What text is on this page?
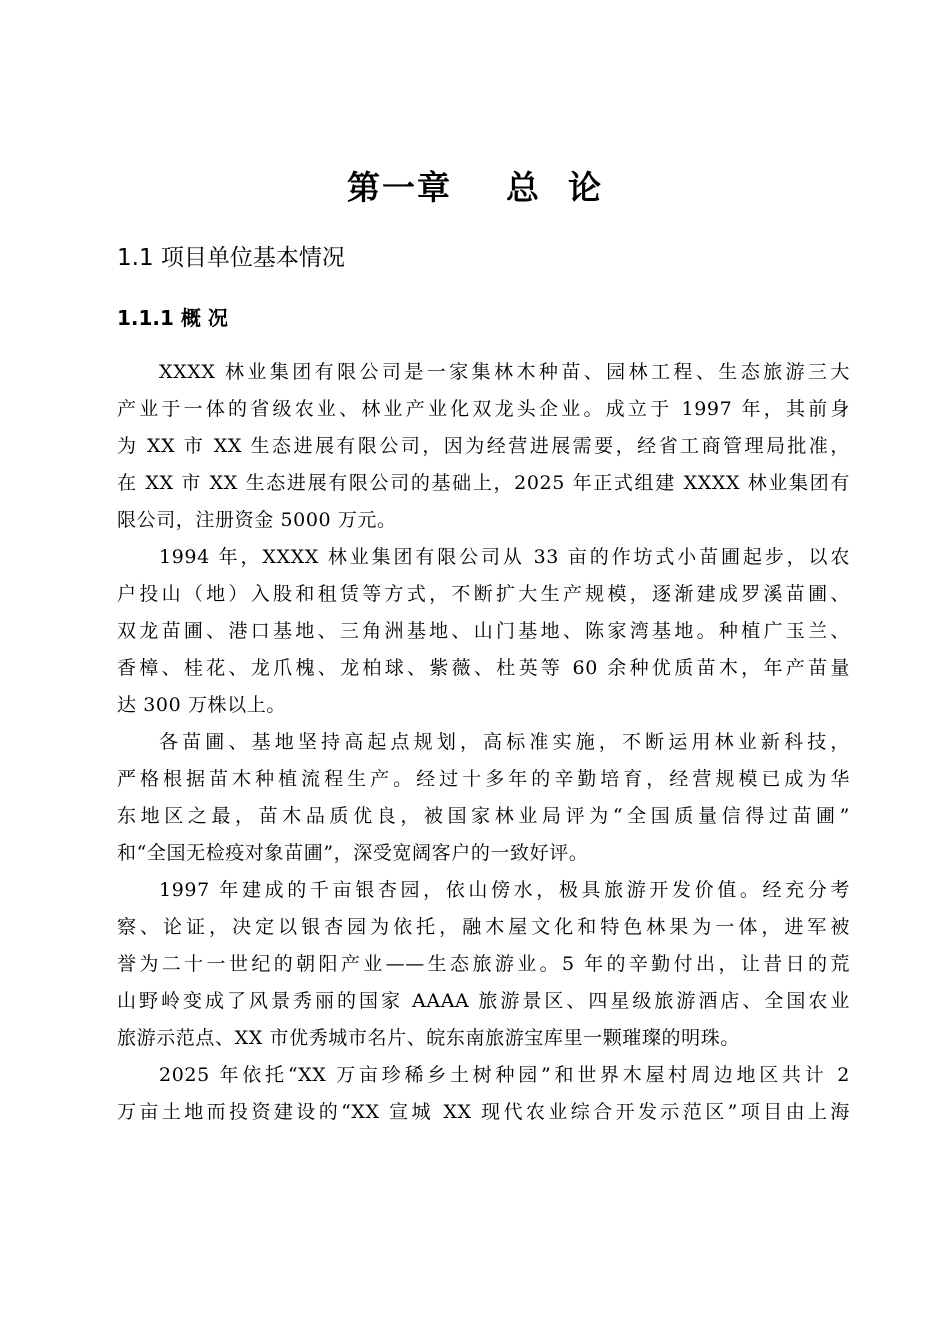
第一章    总  论
1.1 项目单位基本情况
1.1.1 概 况
XXXX 林业集团有限公司是一家集林木种苗、园林工程、生态旅游三大
产业于一体的省级农业、林业产业化双龙头企业。成立于 1997 年，其前身
为 XX 市 XX 生态进展有限公司，因为经营进展需要，经省工商管理局批准，
在 XX 市 XX 生态进展有限公司的基础上，2025 年正式组建 XXXX 林业集团有
限公司，注册资金 5000 万元。
1994 年，XXXX 林业集团有限公司从 33 亩的作坊式小苗圃起步，以农
户投山（地）入股和租赁等方式，不断扩大生产规模，逐渐建成罗溪苗圃、
双龙苗圃、港口基地、三角洲基地、山门基地、陈家湾基地。种植广玉兰、
香樟、桂花、龙爪槐、龙柏球、紫薇、杜英等 60 余种优质苗木，年产苗量
达 300 万株以上。
各苗圃、基地坚持高起点规划，高标准实施，不断运用林业新科技，
严格根据苗木种植流程生产。经过十多年的辛勤培育，经营规模已成为华
东地区之最，苗木品质优良，被国家林业局评为“全国质量信得过苗圃”
和“全国无检疫对象苗圃”，深受宽阔客户的一致好评。
1997 年建成的千亩银杏园，依山傍水，极具旅游开发价值。经充分考
察、论证，决定以银杏园为依托，融木屋文化和特色林果为一体，进军被
誉为二十一世纪的朝阳产业——生态旅游业。5 年的辛勤付出，让昔日的荒
山野岭变成了风景秀丽的国家 AAAA 旅游景区、四星级旅游酒店、全国农业
旅游示范点、XX 市优秀城市名片、皖东南旅游宝库里一颗璀璨的明珠。
2025 年依托“XX 万亩珍稀乡土树种园”和世界木屋村周边地区共计 2
万亩土地而投资建设的“XX 宣城 XX 现代农业综合开发示范区”项目由上海
